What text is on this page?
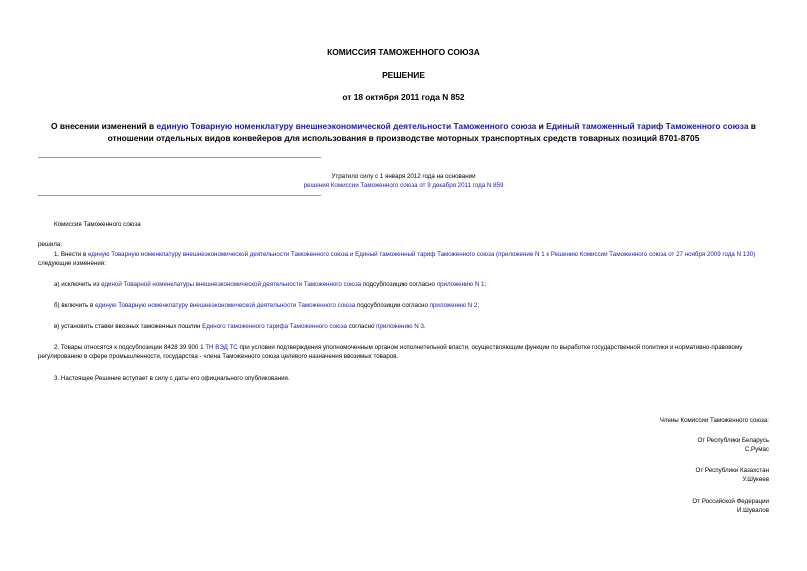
КОМИССИЯ ТАМОЖЕННОГО СОЮЗА
РЕШЕНИЕ
от 18 октября 2011 года N 852
О внесении изменений в единую Товарную номенклатуру внешнеэкономической деятельности Таможенного союза и Единый таможенный тариф Таможенного союза в отношении отдельных видов конвейеров для использования в производстве моторных транспортных средств товарных позиций 8701-8705
Утратило силу с 1 января 2012 года на основании
решения Комиссии Таможенного союза от 9 декабря 2011 года N 859
Комиссия Таможенного союза
решила:
1. Внести в единую Товарную номенклатуру внешнеэкономической деятельности Таможенного союза и Единый таможенный тариф Таможенного союза (приложение N 1 к Решению Комиссии Таможенного союза от 27 ноября 2009 года N 130) следующие изменения:
а) исключить из единой Товарной номенклатуры внешнеэкономической деятельности Таможенного союза подсубпозицию согласно приложению N 1;
б) включить в единую Товарную номенклатуру внешнеэкономической деятельности Таможенного союза подсубпозиции согласно приложению N 2;
в) установить ставки ввозных таможенных пошлин Единого таможенного тарифа Таможенного союза согласно приложению N 3.
2. Товары относятся к подсубпозиции 8428 39 900 1 ТН ВЭД ТС при условии подтверждения уполномоченным органом исполнительной власти, осуществляющим функции по выработке государственной политики и нормативно-правовому регулированию в сфере промышленности, государства - члена Таможенного союза целевого назначения ввозимых товаров.
3. Настоящее Решение вступает в силу с даты его официального опубликования.
Члены Комиссии Таможенного союза:
От Республики Беларусь
С.Румас
От Республики Казахстан
У.Шукеев
От Российской Федерации
И.Шувалов
